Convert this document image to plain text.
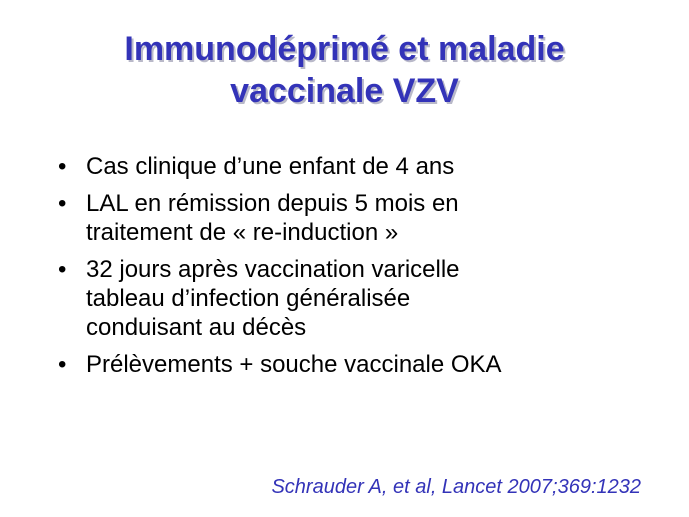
Immunodéprimé et maladie
vaccinale VZV
• Cas clinique d’une enfant de 4 ans
• LAL en rémission depuis 5 mois en
traitement de « re-induction »
• 32 jours après vaccination varicelle
tableau d’infection généralisée
conduisant au décès
• Prélèvements + souche vaccinale OKA
Schrauder A, et al, Lancet 2007;369:1232
